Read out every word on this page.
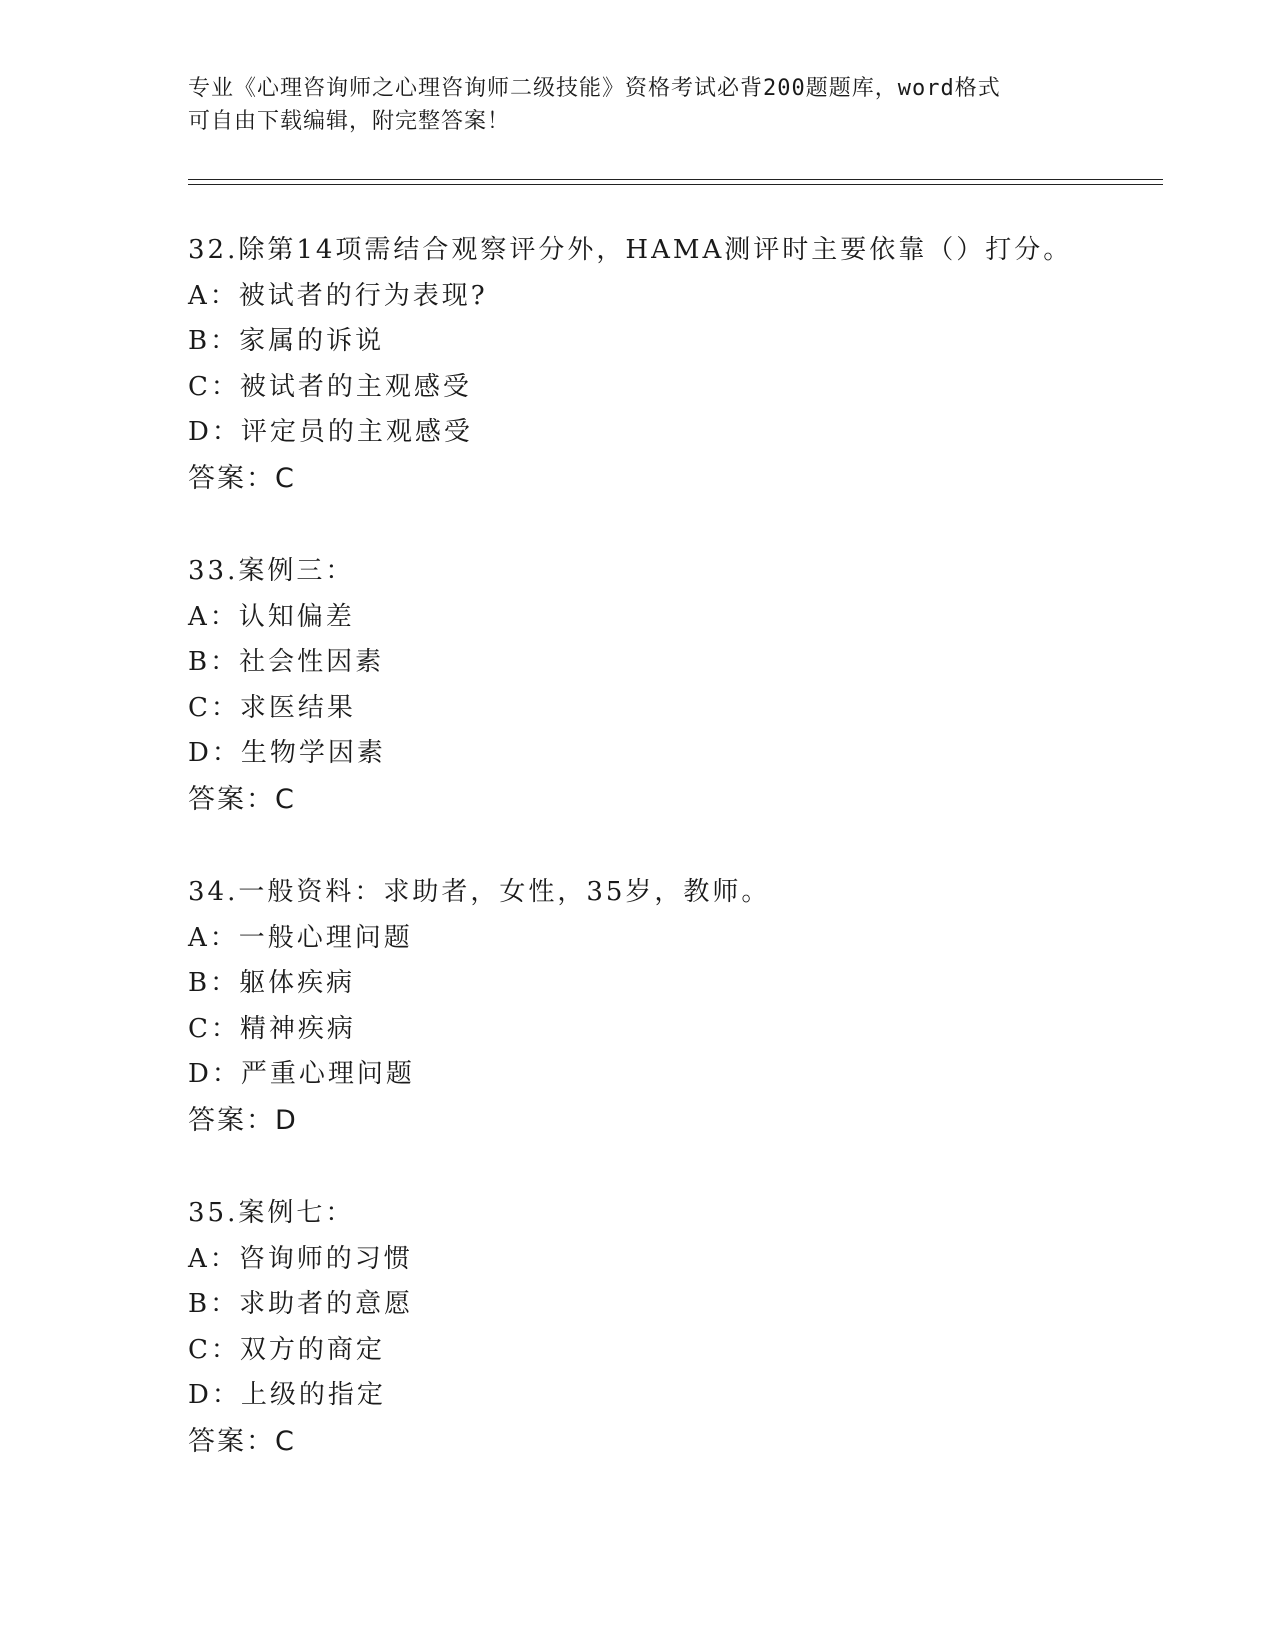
专业《心理咨询师之心理咨询师二级技能》资格考试必背200题题库，word格式
可自由下载编辑，附完整答案！
32.除第14项需结合观察评分外，HAMA测评时主要依靠（）打分。
A：被试者的行为表现?
B：家属的诉说
C：被试者的主观感受
D：评定员的主观感受
答案：C
33.案例三：
A：认知偏差
B：社会性因素
C：求医结果
D：生物学因素
答案：C
34.一般资料：求助者，女性，35岁，教师。
A：一般心理问题
B：躯体疾病
C：精神疾病
D：严重心理问题
答案：D
35.案例七：
A：咨询师的习惯
B：求助者的意愿
C：双方的商定
D：上级的指定
答案：C
